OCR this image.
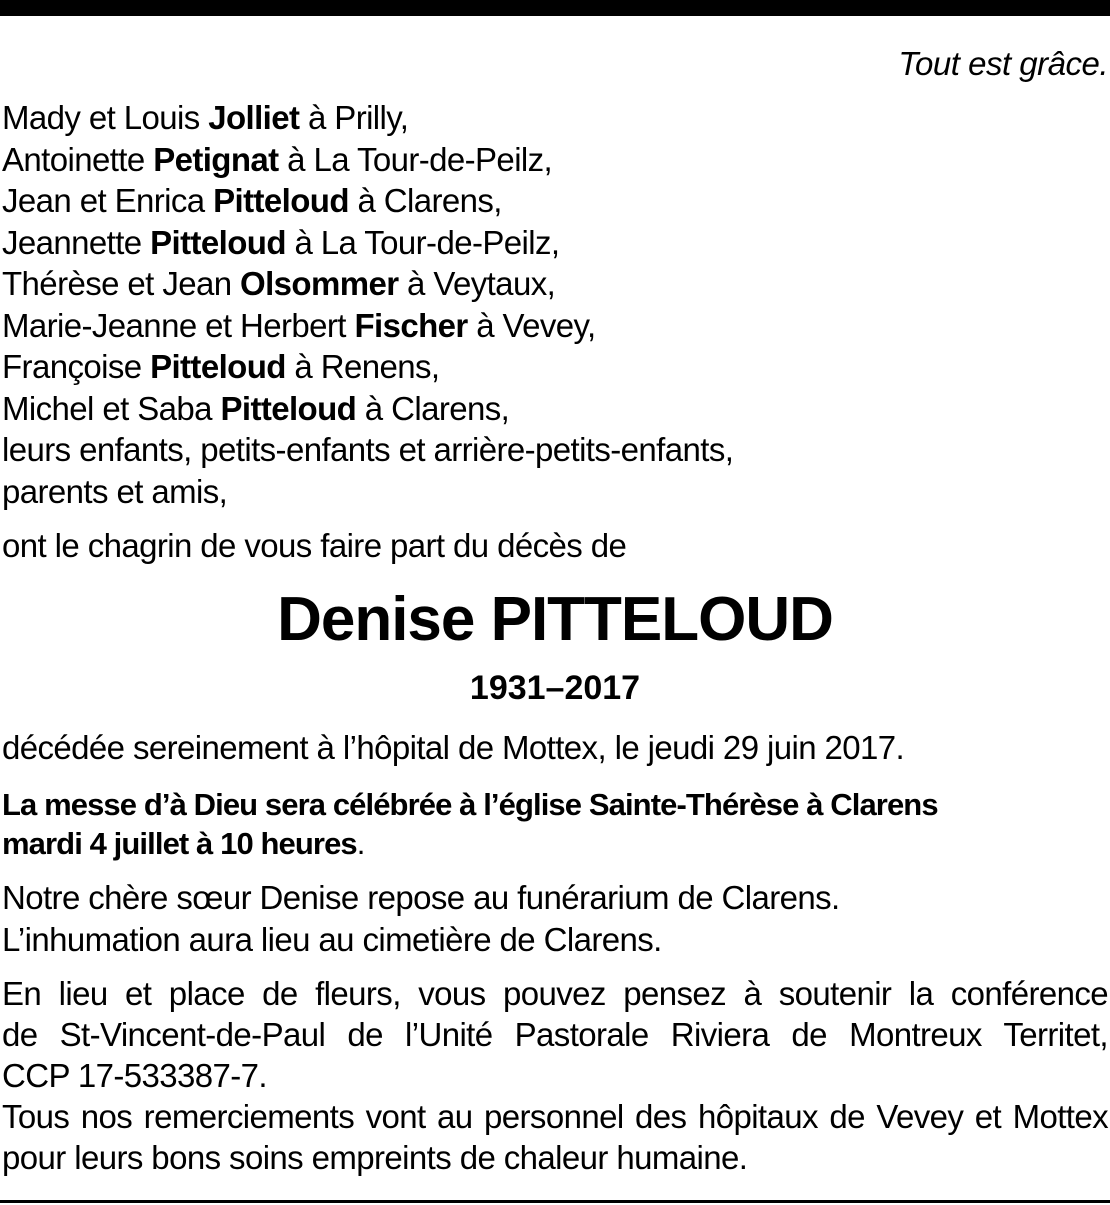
Tout est grâce.
Mady et Louis Jolliet à Prilly,
Antoinette Petignat à La Tour-de-Peilz,
Jean et Enrica Pitteloud à Clarens,
Jeannette Pitteloud à La Tour-de-Peilz,
Thérèse et Jean Olsommer à Veytaux,
Marie-Jeanne et Herbert Fischer à Vevey,
Françoise Pitteloud à Renens,
Michel et Saba Pitteloud à Clarens,
leurs enfants, petits-enfants et arrière-petits-enfants,
parents et amis,
ont le chagrin de vous faire part du décès de
Denise PITTELOUD
1931–2017
décédée sereinement à l’hôpital de Mottex, le jeudi 29 juin 2017.
La messe d’à Dieu sera célébrée à l’église Sainte-Thérèse à Clarens
mardi 4 juillet à 10 heures.
Notre chère sœur Denise repose au funérarium de Clarens.
L’inhumation aura lieu au cimetière de Clarens.
En lieu et place de fleurs, vous pouvez pensez à soutenir la conférence
de St-Vincent-de-Paul de l’Unité Pastorale Riviera de Montreux Territet,
CCP 17-533387-7.
Tous nos remerciements vont au personnel des hôpitaux de Vevey et Mottex
pour leurs bons soins empreints de chaleur humaine.
